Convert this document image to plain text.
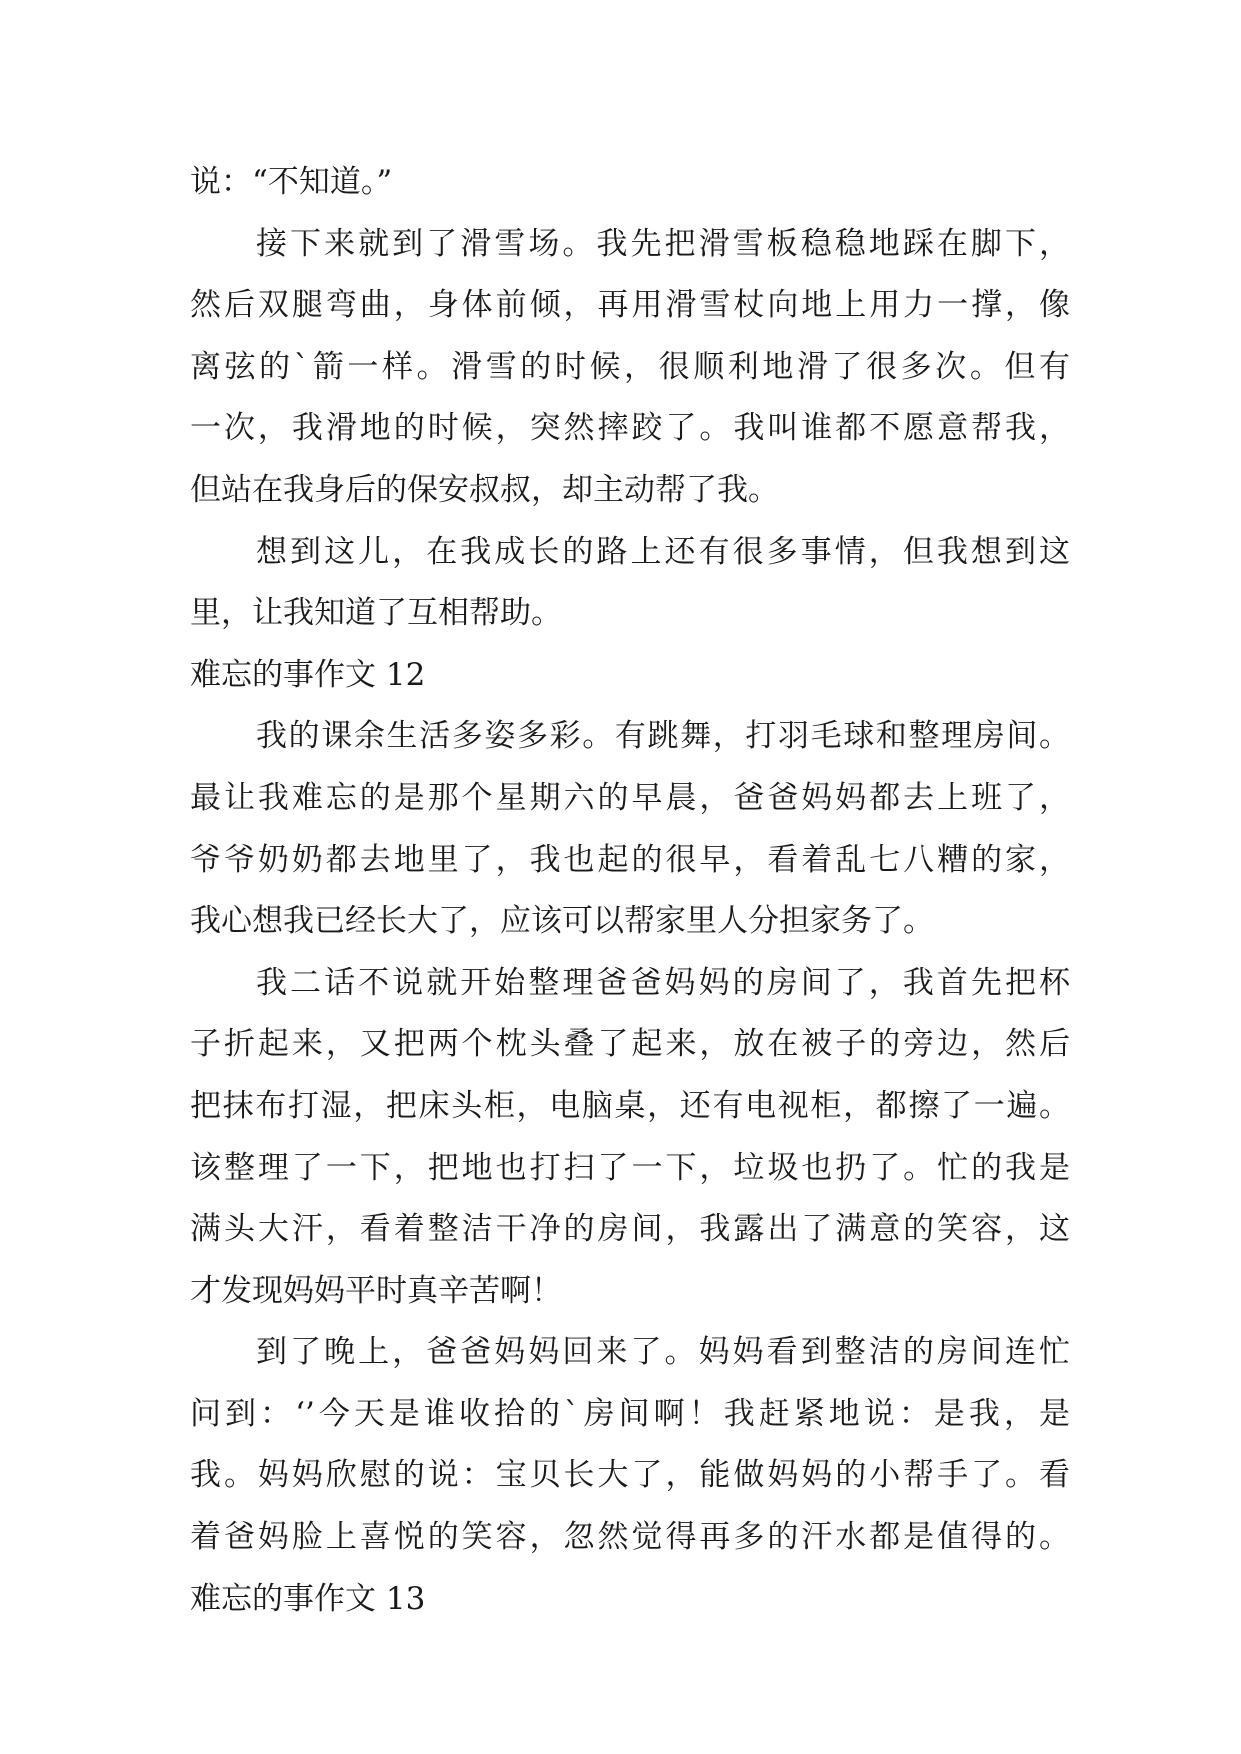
说：“不知道。”
接下来就到了滑雪场。我先把滑雪板稳稳地踩在脚下，
然后双腿弯曲，身体前倾，再用滑雪杖向地上用力一撑，像
离弦的`箭一样。滑雪的时候，很顺利地滑了很多次。但有
一次，我滑地的时候，突然摔跤了。我叫谁都不愿意帮我，
但站在我身后的保安叔叔，却主动帮了我。
想到这儿，在我成长的路上还有很多事情，但我想到这
里，让我知道了互相帮助。
难忘的事作文 12
我的课余生活多姿多彩。有跳舞，打羽毛球和整理房间。
最让我难忘的是那个星期六的早晨，爸爸妈妈都去上班了，
爷爷奶奶都去地里了，我也起的很早，看着乱七八糟的家，
我心想我已经长大了，应该可以帮家里人分担家务了。
我二话不说就开始整理爸爸妈妈的房间了，我首先把杯
子折起来，又把两个枕头叠了起来，放在被子的旁边，然后
把抹布打湿，把床头柜，电脑桌，还有电视柜，都擦了一遍。
该整理了一下，把地也打扫了一下，垃圾也扔了。忙的我是
满头大汗，看着整洁干净的房间，我露出了满意的笑容，这
才发现妈妈平时真辛苦啊！
到了晚上，爸爸妈妈回来了。妈妈看到整洁的房间连忙
问到：‘’今天是谁收拾的`房间啊！我赶紧地说：是我，是
我。妈妈欣慰的说：宝贝长大了，能做妈妈的小帮手了。看
着爸妈脸上喜悦的笑容，忽然觉得再多的汗水都是值得的。
难忘的事作文 13
